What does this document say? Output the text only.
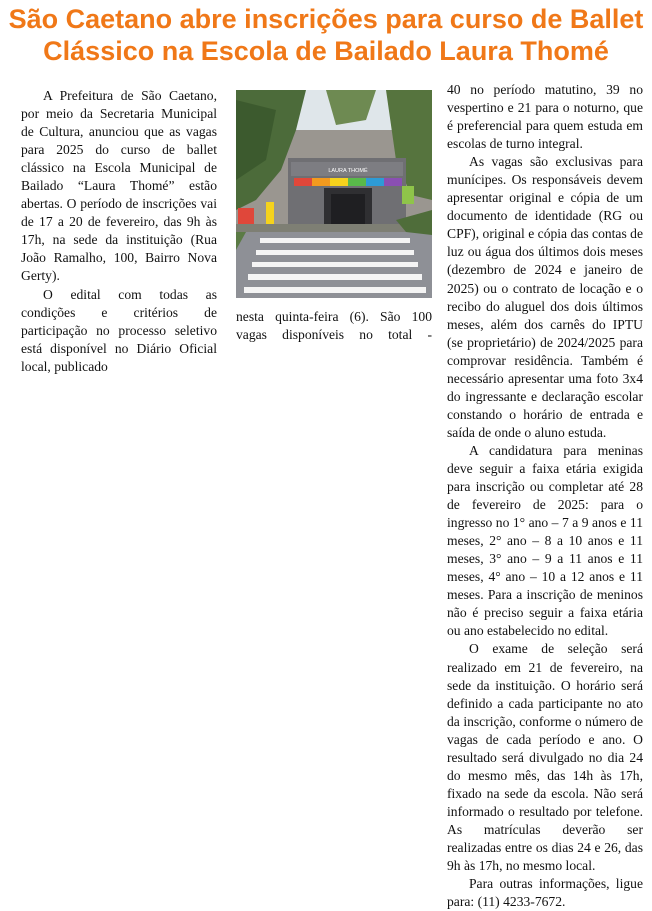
São Caetano abre inscrições para curso de Ballet
Clássico na Escola de Bailado Laura Thomé

A Prefeitura de São Caetano, por meio da Secretaria Municipal de Cultura, anunciou que as vagas para 2025 do curso de ballet clássico na Escola Municipal de Bailado “Laura Thomé” estão abertas. O período de inscrições vai de 17 a 20 de fevereiro, das 9h às 17h, na sede da instituição (Rua João Ramalho, 100, Bairro Nova Gerty).

O edital com todas as condições e critérios de participação no processo seletivo está disponível no Diário Oficial local, publicado

LAURA THOMÉ

nesta quinta-feira (6). São 100 vagas disponíveis no total -

40 no período matutino, 39 no vespertino e 21 para o noturno, que é preferencial para quem estuda em escolas de turno integral.

As vagas são exclusivas para munícipes. Os responsáveis devem apresentar original e cópia de um documento de identidade (RG ou CPF), original e cópia das contas de luz ou água dos últimos dois meses (dezembro de 2024 e janeiro de 2025) ou o contrato de locação e o recibo do aluguel dos dois últimos meses, além dos carnês do IPTU (se proprietário) de 2024/2025 para comprovar residência. Também é necessário apresentar uma foto 3x4 do ingressante e declaração escolar constando o horário de entrada e saída de onde o aluno estuda.

A candidatura para meninas deve seguir a faixa etária exigida para inscrição ou completar até 28 de fevereiro de 2025: para o ingresso no 1° ano – 7 a 9 anos e 11 meses, 2° ano – 8 a 10 anos e 11 meses, 3° ano – 9 a 11 anos e 11 meses, 4° ano – 10 a 12 anos e 11 meses. Para a inscrição de meninos não é preciso seguir a faixa etária ou ano estabelecido no edital.

O exame de seleção será realizado em 21 de fevereiro, na sede da instituição. O horário será definido a cada participante no ato da inscrição, conforme o número de vagas de cada período e ano. O resultado será divulgado no dia 24 do mesmo mês, das 14h às 17h, fixado na sede da escola. Não será informado o resultado por telefone. As matrículas deverão ser realizadas entre os dias 24 e 26, das 9h às 17h, no mesmo local.

Para outras informações, ligue para: (11) 4233-7672.
